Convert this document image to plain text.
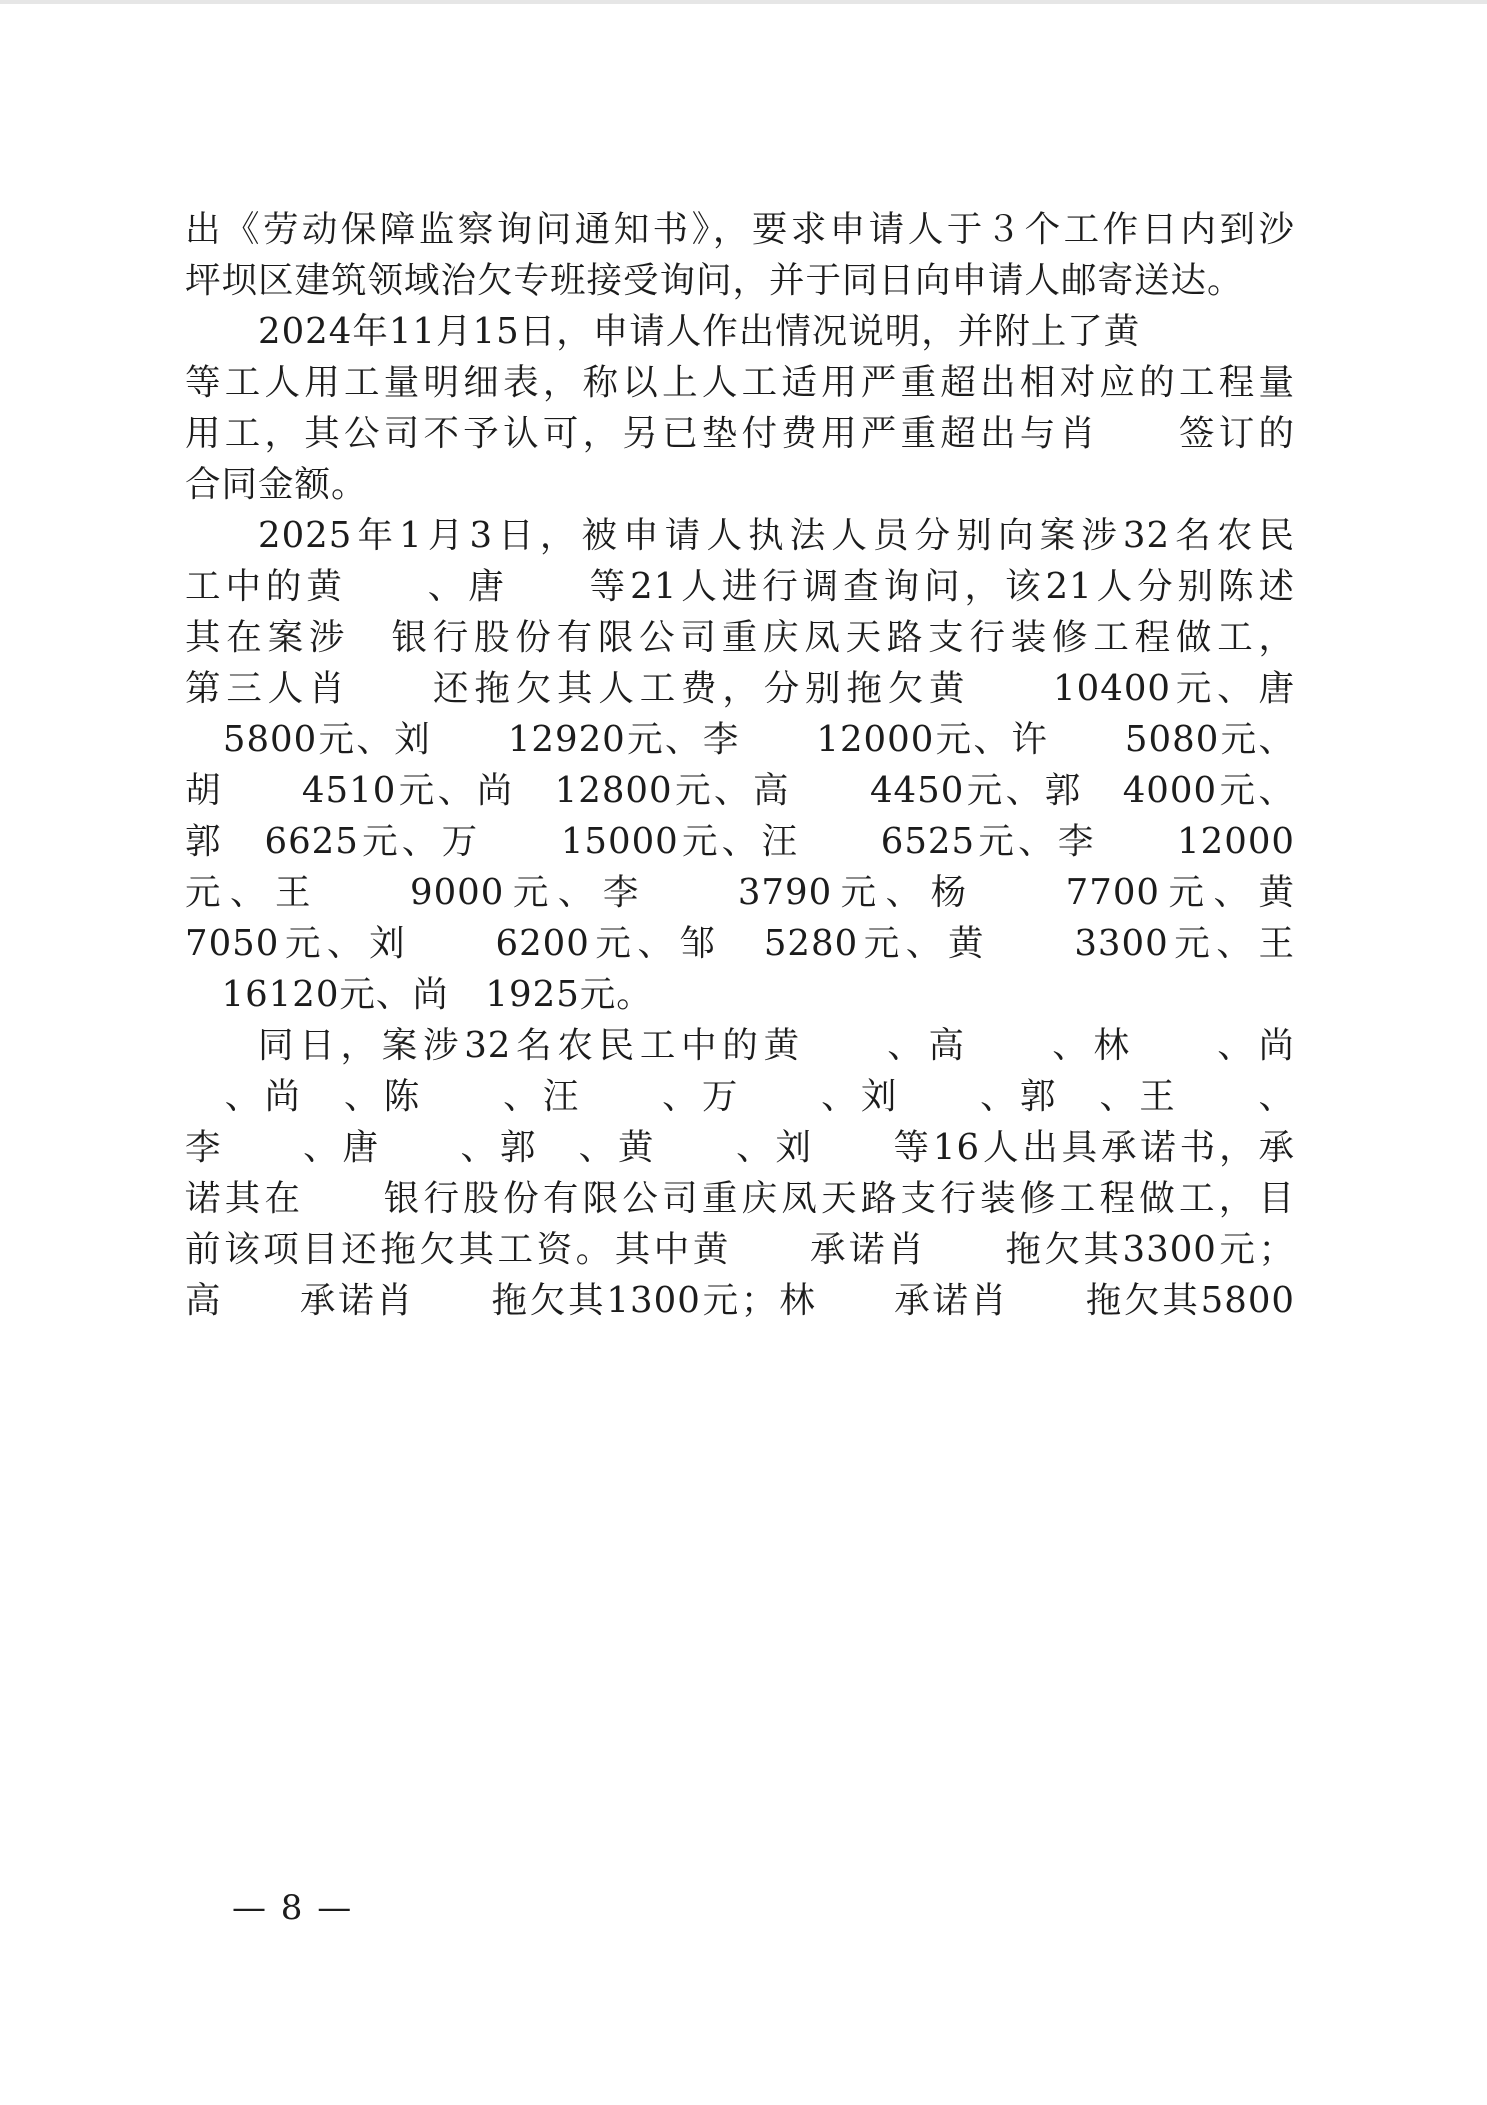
出《劳动保障监察询问通知书》，要求申请人于３个工作日内到沙
坪坝区建筑领域治欠专班接受询问，并于同日向申请人邮寄送达。
2024年11月15日，申请人作出情况说明，并附上了黄
等工人用工量明细表，称以上人工适用严重超出相对应的工程量
用工，其公司不予认可，另已垫付费用严重超出与肖　　签订的
合同金额。
2025年1月3日，被申请人执法人员分别向案涉32名农民
工中的黄　　、唐　　等21人进行调查询问，该21人分别陈述
其在案涉　银行股份有限公司重庆凤天路支行装修工程做工，
第三人肖　　还拖欠其人工费，分别拖欠黄　　10400元、唐
　5800元、刘　　12920元、李　　12000元、许　　5080元、
胡　　4510元、尚　12800元、高　　4450元、郭　4000元、
郭　6625元、万　　15000元、汪　　6525元、李　　12000
元、王　　9000元、李　　3790元、杨　　7700元、黄
7050元、刘　　6200元、邹　5280元、黄　　3300元、王
　16120元、尚　1925元。
同日，案涉32名农民工中的黄　　、高　　、林　　、尚
　、尚　、陈　　、汪　　、万　　、刘　　、郭　、王　　、
李　　、唐　　、郭　、黄　　、刘　　等16人出具承诺书，承
诺其在　　银行股份有限公司重庆凤天路支行装修工程做工，目
前该项目还拖欠其工资。其中黄　　承诺肖　　拖欠其3300元；
高　　承诺肖　　拖欠其1300元；林　　承诺肖　　拖欠其5800
— 8 —
